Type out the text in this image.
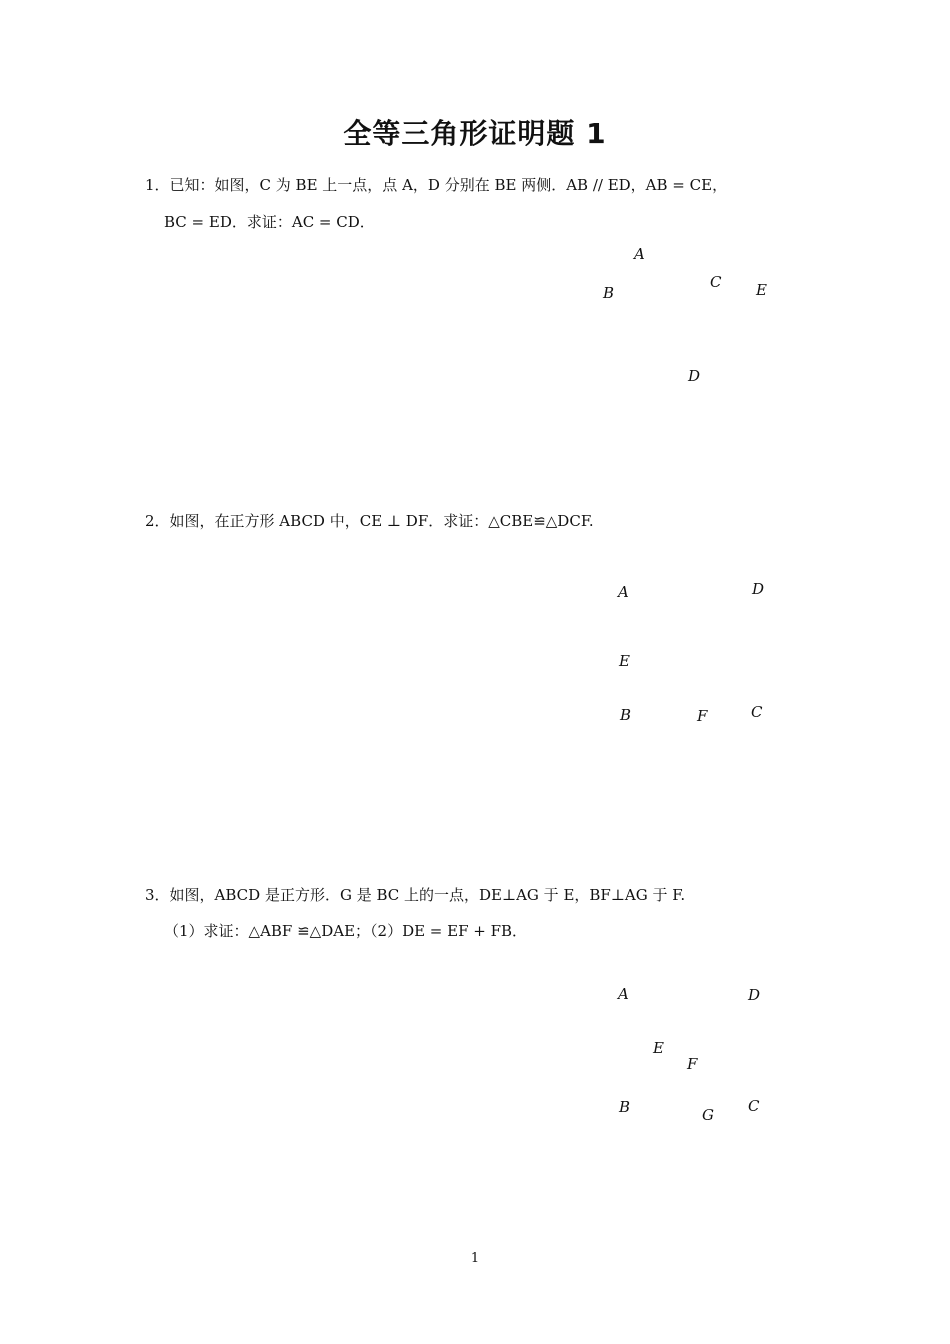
全等三角形证明题 1
1．已知：如图，C 为 BE 上一点，点 A，D 分别在 BE 两侧．AB // ED，AB = CE，
BC = ED．求证：AC = CD．
A
B
C E
D
2．如图，在正方形 ABCD 中，CE ⊥ DF．求证：△CBE≌△DCF.
A	D
E
B	F	C
3．如图，ABCD 是正方形．G 是 BC 上的一点，DE⊥AG 于 E，BF⊥AG 于 F.
（1）求证：△ABF ≌△DAE；（2）DE = EF + FB．
A	D
E
F
B	G C
1
